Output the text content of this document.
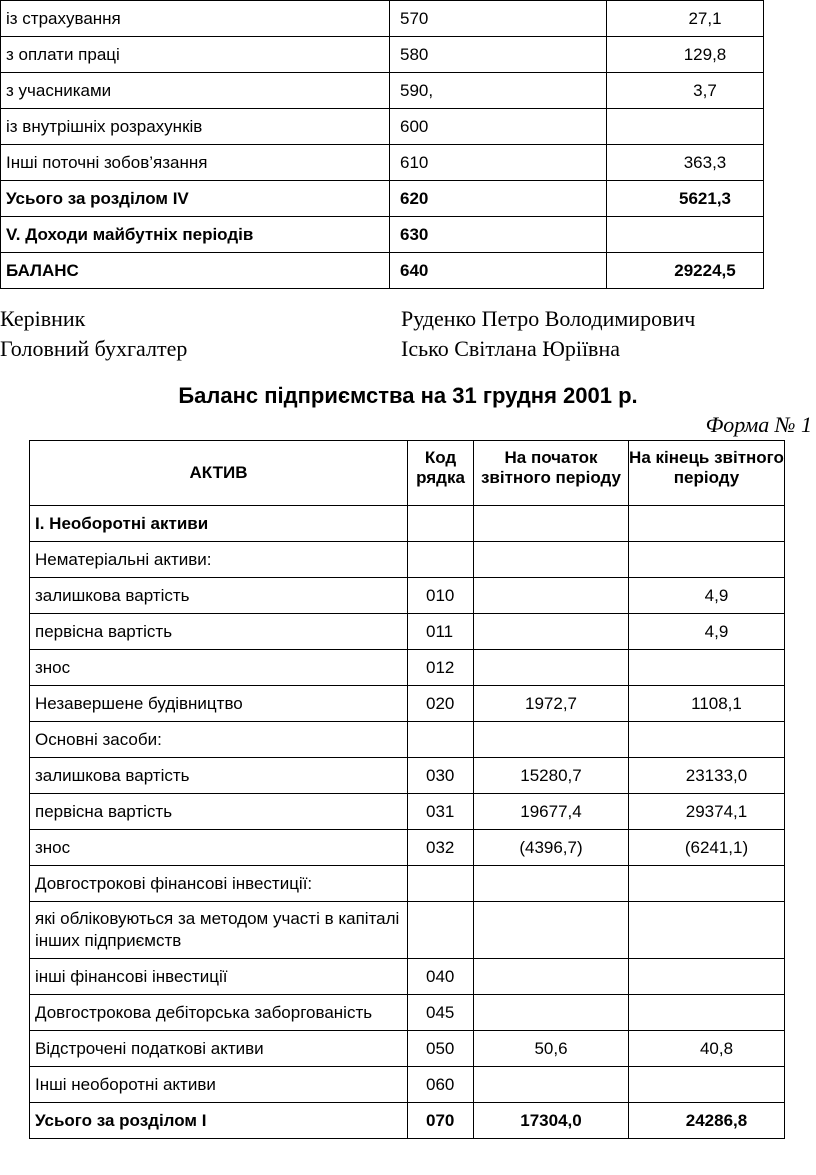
із страхування	570	27,1
з оплати праці	580	129,8
з учасниками	590,	3,7
із внутрішніх розрахунків	600	
Інші поточні зобов’язання	610	363,3
Усього за розділом IV	620	5621,3
V. Доходи майбутніх періодів	630	
БАЛАНС	640	29224,5
Керівник	Руденко Петро Володимирович
Головний бухгалтер	Ісько Світлана Юріївна
Баланс підприємства на 31 грудня 2001 р.
Форма № 1
АКТИВ	Код рядка	На початок звітного періоду	На кінець звітного періоду

І. Необоротні активи			
Нематеріальні активи:			
залишкова вартість	010		4,9
первісна вартість	011		4,9
знос	012		
Незавершене будівництво	020	1972,7	1108,1
Основні засоби:			
залишкова вартість	030	15280,7	23133,0
первісна вартість	031	19677,4	29374,1
знос	032	(4396,7)	(6241,1)
Довгострокові фінансові інвестиції:			
які обліковуються за методом участі в капіталі інших підприємств			
інші фінансові інвестиції	040		
Довгострокова дебіторська заборгованість	045		
Відстрочені податкові активи	050	50,6	40,8
Інші необоротні активи	060		
Усього за розділом І	070	17304,0	24286,8
